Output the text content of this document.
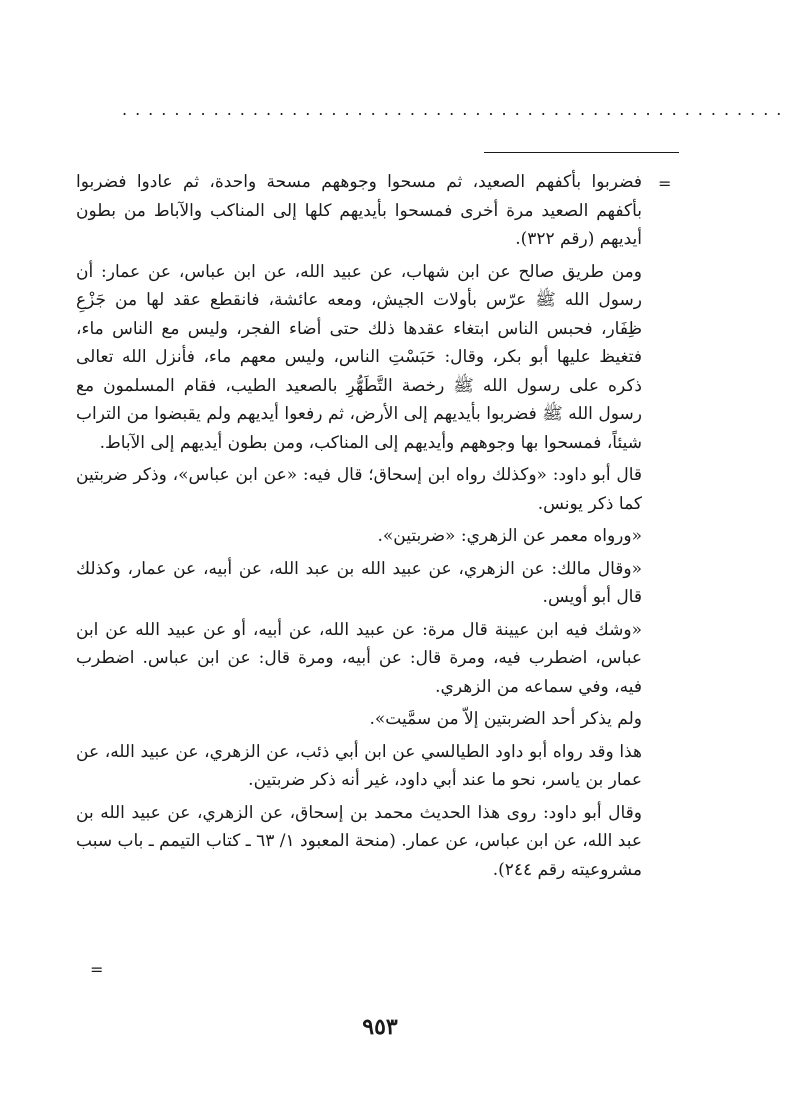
...................................................
=

فضربوا بأكفهم الصعيد، ثم مسحوا وجوههم مسحة واحدة، ثم عادوا فضربوا بأكفهم الصعيد مرة أخرى فمسحوا بأيديهم كلها إلى المناكب والآباط من بطون أيديهم (رقم ٣٢٢).

ومن طريق صالح عن ابن شهاب، عن عبيد الله، عن ابن عباس، عن عمار: أن رسول الله ﷺ عرّس بأولات الجيش، ومعه عائشة، فانقطع عقد لها من جَزْعِ ظِفَار، فحبس الناس ابتغاء عقدها ذلك حتى أضاء الفجر، وليس مع الناس ماء، فتغيظ عليها أبو بكر، وقال: حَبَسْتِ الناس، وليس معهم ماء، فأنزل الله تعالى ذكره على رسول الله ﷺ رخصة التَّطَهُّرِ بالصعيد الطيب، فقام المسلمون مع رسول الله ﷺ فضربوا بأيديهم إلى الأرض، ثم رفعوا أيديهم ولم يقبضوا من التراب شيئاً، فمسحوا بها وجوههم وأيديهم إلى المناكب، ومن بطون أيديهم إلى الآباط.

قال أبو داود: «وكذلك رواه ابن إسحاق؛ قال فيه: «عن ابن عباس»، وذكر ضربتين كما ذكر يونس.

«ورواه معمر عن الزهري: «ضربتين».

«وقال مالك: عن الزهري، عن عبيد الله بن عبد الله، عن أبيه، عن عمار، وكذلك قال أبو أويس.

«وشك فيه ابن عيينة قال مرة: عن عبيد الله، عن أبيه، أو عن عبيد الله عن ابن عباس، اضطرب فيه، ومرة قال: عن أبيه، ومرة قال: عن ابن عباس. اضطرب فيه، وفي سماعه من الزهري.

ولم يذكر أحد الضربتين إلاّ من سمَّيت».

هذا وقد رواه أبو داود الطيالسي عن ابن أبي ذئب، عن الزهري، عن عبيد الله، عن عمار بن ياسر، نحو ما عند أبي داود، غير أنه ذكر ضربتين.

وقال أبو داود: روى هذا الحديث محمد بن إسحاق، عن الزهري، عن عبيد الله بن عبد الله، عن ابن عباس، عن عمار. (منحة المعبود ١/ ٦٣ ـ كتاب التيمم ـ باب سبب مشروعيته رقم ٢٤٤).

=
٩٥٣
